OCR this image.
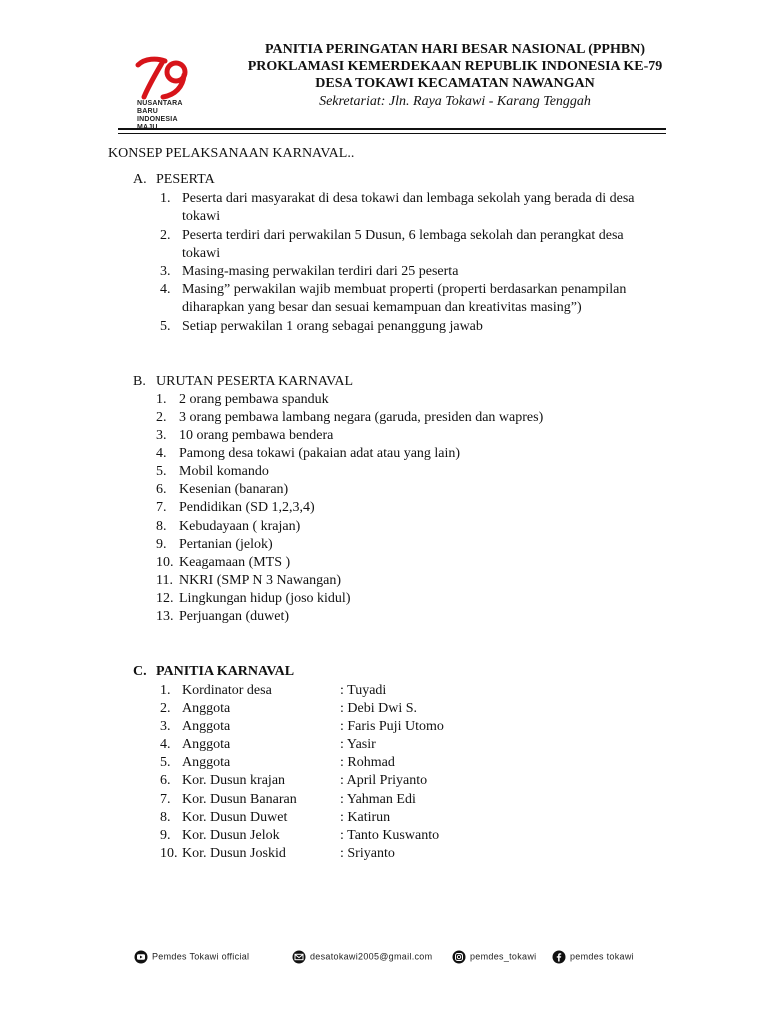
NUSANTARA
BARU
INDONESIA
MAJU
PANITIA PERINGATAN HARI BESAR NASIONAL (PPHBN)
PROKLAMASI KEMERDEKAAN REPUBLIK INDONESIA KE-79
DESA TOKAWI KECAMATAN NAWANGAN
Sekretariat: Jln. Raya Tokawi - Karang Tenggah
KONSEP PELAKSANAAN KARNAVAL..
A. PESERTA
1. Peserta dari masyarakat di desa tokawi dan lembaga sekolah yang berada di desa
tokawi
2. Peserta terdiri dari perwakilan 5 Dusun, 6 lembaga sekolah dan perangkat desa
tokawi
3. Masing-masing perwakilan terdiri dari 25 peserta
4. Masing” perwakilan wajib membuat properti (properti berdasarkan penampilan
diharapkan yang besar dan sesuai kemampuan dan kreativitas masing”)
5. Setiap perwakilan 1 orang sebagai penanggung jawab
B. URUTAN PESERTA KARNAVAL
1. 2 orang pembawa spanduk
2. 3 orang pembawa lambang negara (garuda, presiden dan wapres)
3. 10 orang pembawa bendera
4. Pamong desa tokawi (pakaian adat atau yang lain)
5. Mobil komando
6. Kesenian (banaran)
7. Pendidikan (SD 1,2,3,4)
8. Kebudayaan ( krajan)
9. Pertanian (jelok)
10. Keagamaan (MTS )
11. NKRI (SMP N 3 Nawangan)
12. Lingkungan hidup (joso kidul)
13. Perjuangan (duwet)
C. PANITIA KARNAVAL
1. Kordinator desa	: Tuyadi
2. Anggota	: Debi Dwi S.
3. Anggota	: Faris Puji Utomo
4. Anggota	: Yasir
5. Anggota	: Rohmad
6. Kor. Dusun krajan	: April Priyanto
7. Kor. Dusun Banaran	: Yahman Edi
8. Kor. Dusun Duwet	: Katirun
9. Kor. Dusun Jelok	: Tanto Kuswanto
10. Kor. Dusun Joskid	: Sriyanto
Pemdes Tokawi official	desatokawi2005@gmail.com	pemdes_tokawi	pemdes tokawi
